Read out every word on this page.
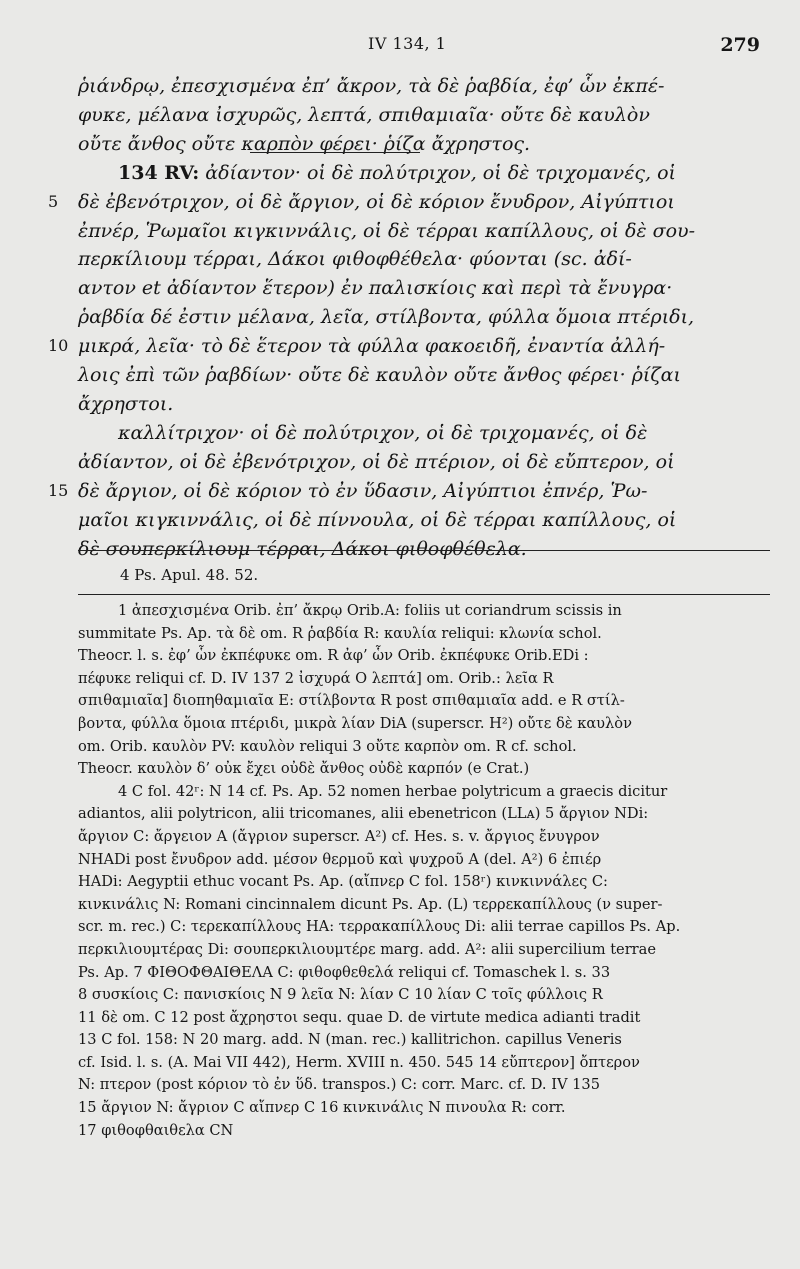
IV 134, 1	279
ῥιάνδρῳ, ἐπεσχισμένα ἐπ’ ἄκρον, τὰ δὲ ῥαβδία, ἐφ’ ὧν ἐκπέ-
φυκε, μέλανα ἰσχυρῶς, λεπτά, σπιθαμιαῖα· οὔτε δὲ καυλὸν
οὔτε ἄνθος οὔτε καρπὸν φέρει· ῥίζα ἄχρηστος.
134 RV: ἀδίαντον· οἱ δὲ πολύτριχον, οἱ δὲ τριχομανές, οἱ
5 δὲ ἐβενότριχον, οἱ δὲ ἄργιον, οἱ δὲ κόριον ἔνυδρον, Αἰγύπτιοι
ἐπνέρ, Ῥωμαῖοι κιγκιννάλις, οἱ δὲ τέρραι καπίλλους, οἱ δὲ σου-
περκίλιουμ τέρραι, Δάκοι φιθοφθέθελα· φύονται (sc. ἀδί-
αντον et ἀδίαντον ἕτερον) ἐν παλισκίοις καὶ περὶ τὰ ἔνυγρα·
ῥαβδία δέ ἐστιν μέλανα, λεῖα, στίλβοντα, φύλλα ὅμοια πτέριδι,
10 μικρά, λεῖα· τὸ δὲ ἕτερον τὰ φύλλα φακοειδῆ, ἐναντία ἀλλή-
λοις ἐπὶ τῶν ῥαβδίων· οὔτε δὲ καυλὸν οὔτε ἄνθος φέρει· ῥίζαι
ἄχρηστοι.
καλλίτριχον· οἱ δὲ πολύτριχον, οἱ δὲ τριχομανές, οἱ δὲ
ἀδίαντον, οἱ δὲ ἐβενότριχον, οἱ δὲ πτέριον, οἱ δὲ εὔπτερον, οἱ
15 δὲ ἄργιον, οἱ δὲ κόριον τὸ ἐν ὕδασιν, Αἰγύπτιοι ἐπνέρ, Ῥω-
μαῖοι κιγκιννάλις, οἱ δὲ πίννουλα, οἱ δὲ τέρραι καπίλλους, οἱ
δὲ σουπερκίλιουμ τέρραι, Δάκοι φιθοφθέθελα.
4 Ps. Apul. 48. 52.
1 ἀπεσχισμένα Orib. ἐπ’ ἄκρῳ Orib.A: foliis ut coriandrum scissis in
summitate Ps. Ap. τὰ δὲ om. R ῥαβδία R: καυλία reliqui: κλωνία schol.
Theocr. l. s. ἐφ’ ὧν ἐκπέφυκε om. R ἀφ’ ὧν Orib. ἐκπέφυκε Orib.EDi :
πέφυκε reliqui cf. D. IV 137 2 ἰσχυρά O λεπτά] om. Orib.: λεῖα R
σπιθαμιαῖα] διοπηθαμιαῖα E: στίλβοντα R post σπιθαμιαῖα add. e R στίλ-
βοντα, φύλλα ὅμοια πτέριδι, μικρὰ λίαν DiA (superscr. H²) οὔτε δὲ καυλὸν
om. Orib. καυλὸν PV: καυλὸν reliqui 3 οὔτε καρπὸν om. R cf. schol.
Theocr. καυλὸν δ’ οὐκ ἔχει οὐδὲ ἄνθος οὐδὲ καρπόν (e Crat.)
4 C fol. 42ʳ: N 14 cf. Ps. Ap. 52 nomen herbae polytricum a graecis dicitur
adiantos, alii polytricon, alii tricomanes, alii ebenetricon (LLᴀ) 5 ἄργιον NDi:
ἄργιον C: ἄργειον A (ἄγριον superscr. A²) cf. Hes. s. v. ἄργιος ἔνυγρον
NHADi post ἔνυδρον add. μέσον θερμοῦ καὶ ψυχροῦ A (del. A²) 6 ἐπιέρ
HADi: Aegyptii ethuc vocant Ps. Ap. (αἴπνερ C fol. 158ʳ) κινκιννάλες C:
κινκινάλις N: Romani cincinnalem dicunt Ps. Ap. (L) τερρεκαπίλλους (ν super-
scr. m. rec.) C: τερεκαπίλλους HA: τερρακαπίλλους Di: alii terrae capillos Ps. Ap.
περκιλιουμτέρας Di: σουπερκιλιουμτέρε marg. add. A²: alii supercilium terrae
Ps. Ap. 7 ΦΙΘΟΦΘΑΙΘΕΛΑ C: φιθοφθεθελά reliqui cf. Tomaschek l. s. 33
8 συσκίοις C: πανισκίοις N 9 λεῖα N: λίαν C 10 λίαν C τοῖς φύλλοις R
11 δὲ om. C 12 post ἄχρηστοι sequ. quae D. de virtute medica adianti tradit
13 C fol. 158: N 20 marg. add. N (man. rec.) kallitrichon. capillus Veneris
cf. Isid. l. s. (A. Mai VII 442), Herm. XVIII n. 450. 545 14 εὔπτερον] ὄπτερον
N: πτερον (post κόριον τὸ ἐν ὕδ. transpos.) C: corr. Marc. cf. D. IV 135
15 ἄργιον N: ἄγριον C αἴπνερ C 16 κινκινάλις N πινουλα R: corr.
17 φιθοφθαιθελα CN
